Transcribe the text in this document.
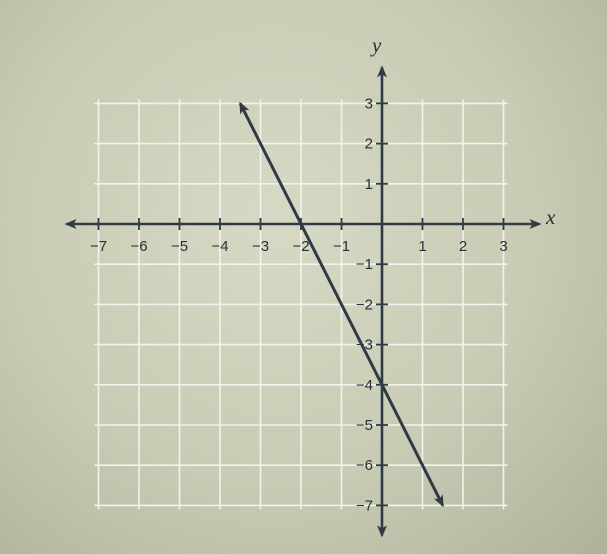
−7 −6 −5 −4 −3 −2 −1	1 2 3
3
2
1
−1
−2
−3
−4
−5
−6
−7
x
y
